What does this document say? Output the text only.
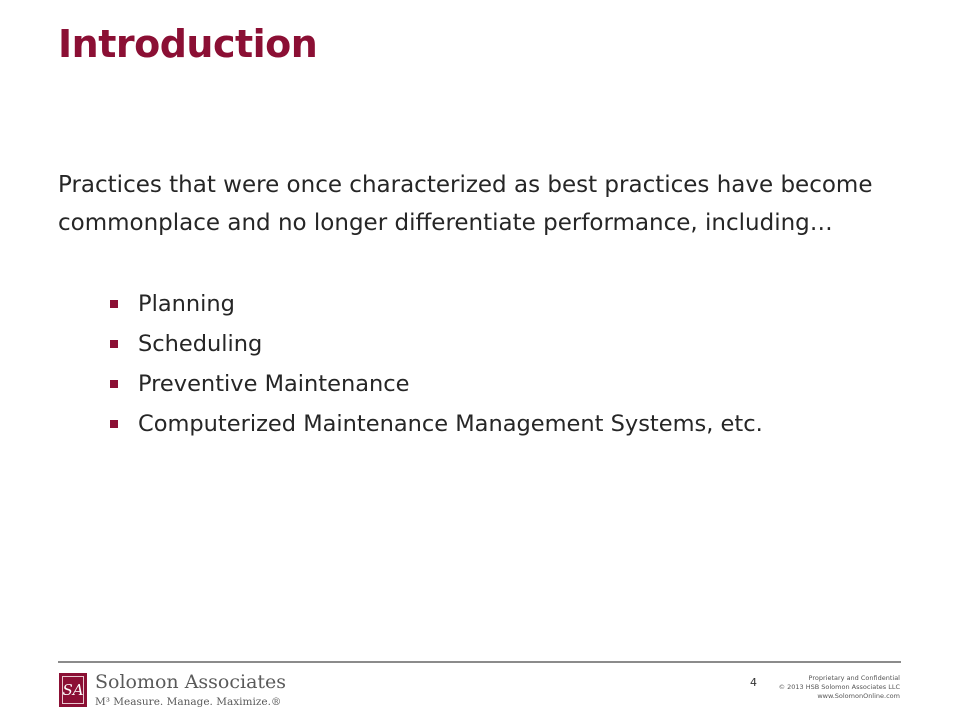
Introduction

Practices that were once characterized as best practices have become commonplace and no longer differentiate performance, including…

Planning
Scheduling
Preventive Maintenance
Computerized Maintenance Management Systems, etc.
SA Solomon Associates
M³ Measure. Manage. Maximize.®
4	Proprietary and Confidential
© 2013 HSB Solomon Associates LLC
www.SolomonOnline.com
